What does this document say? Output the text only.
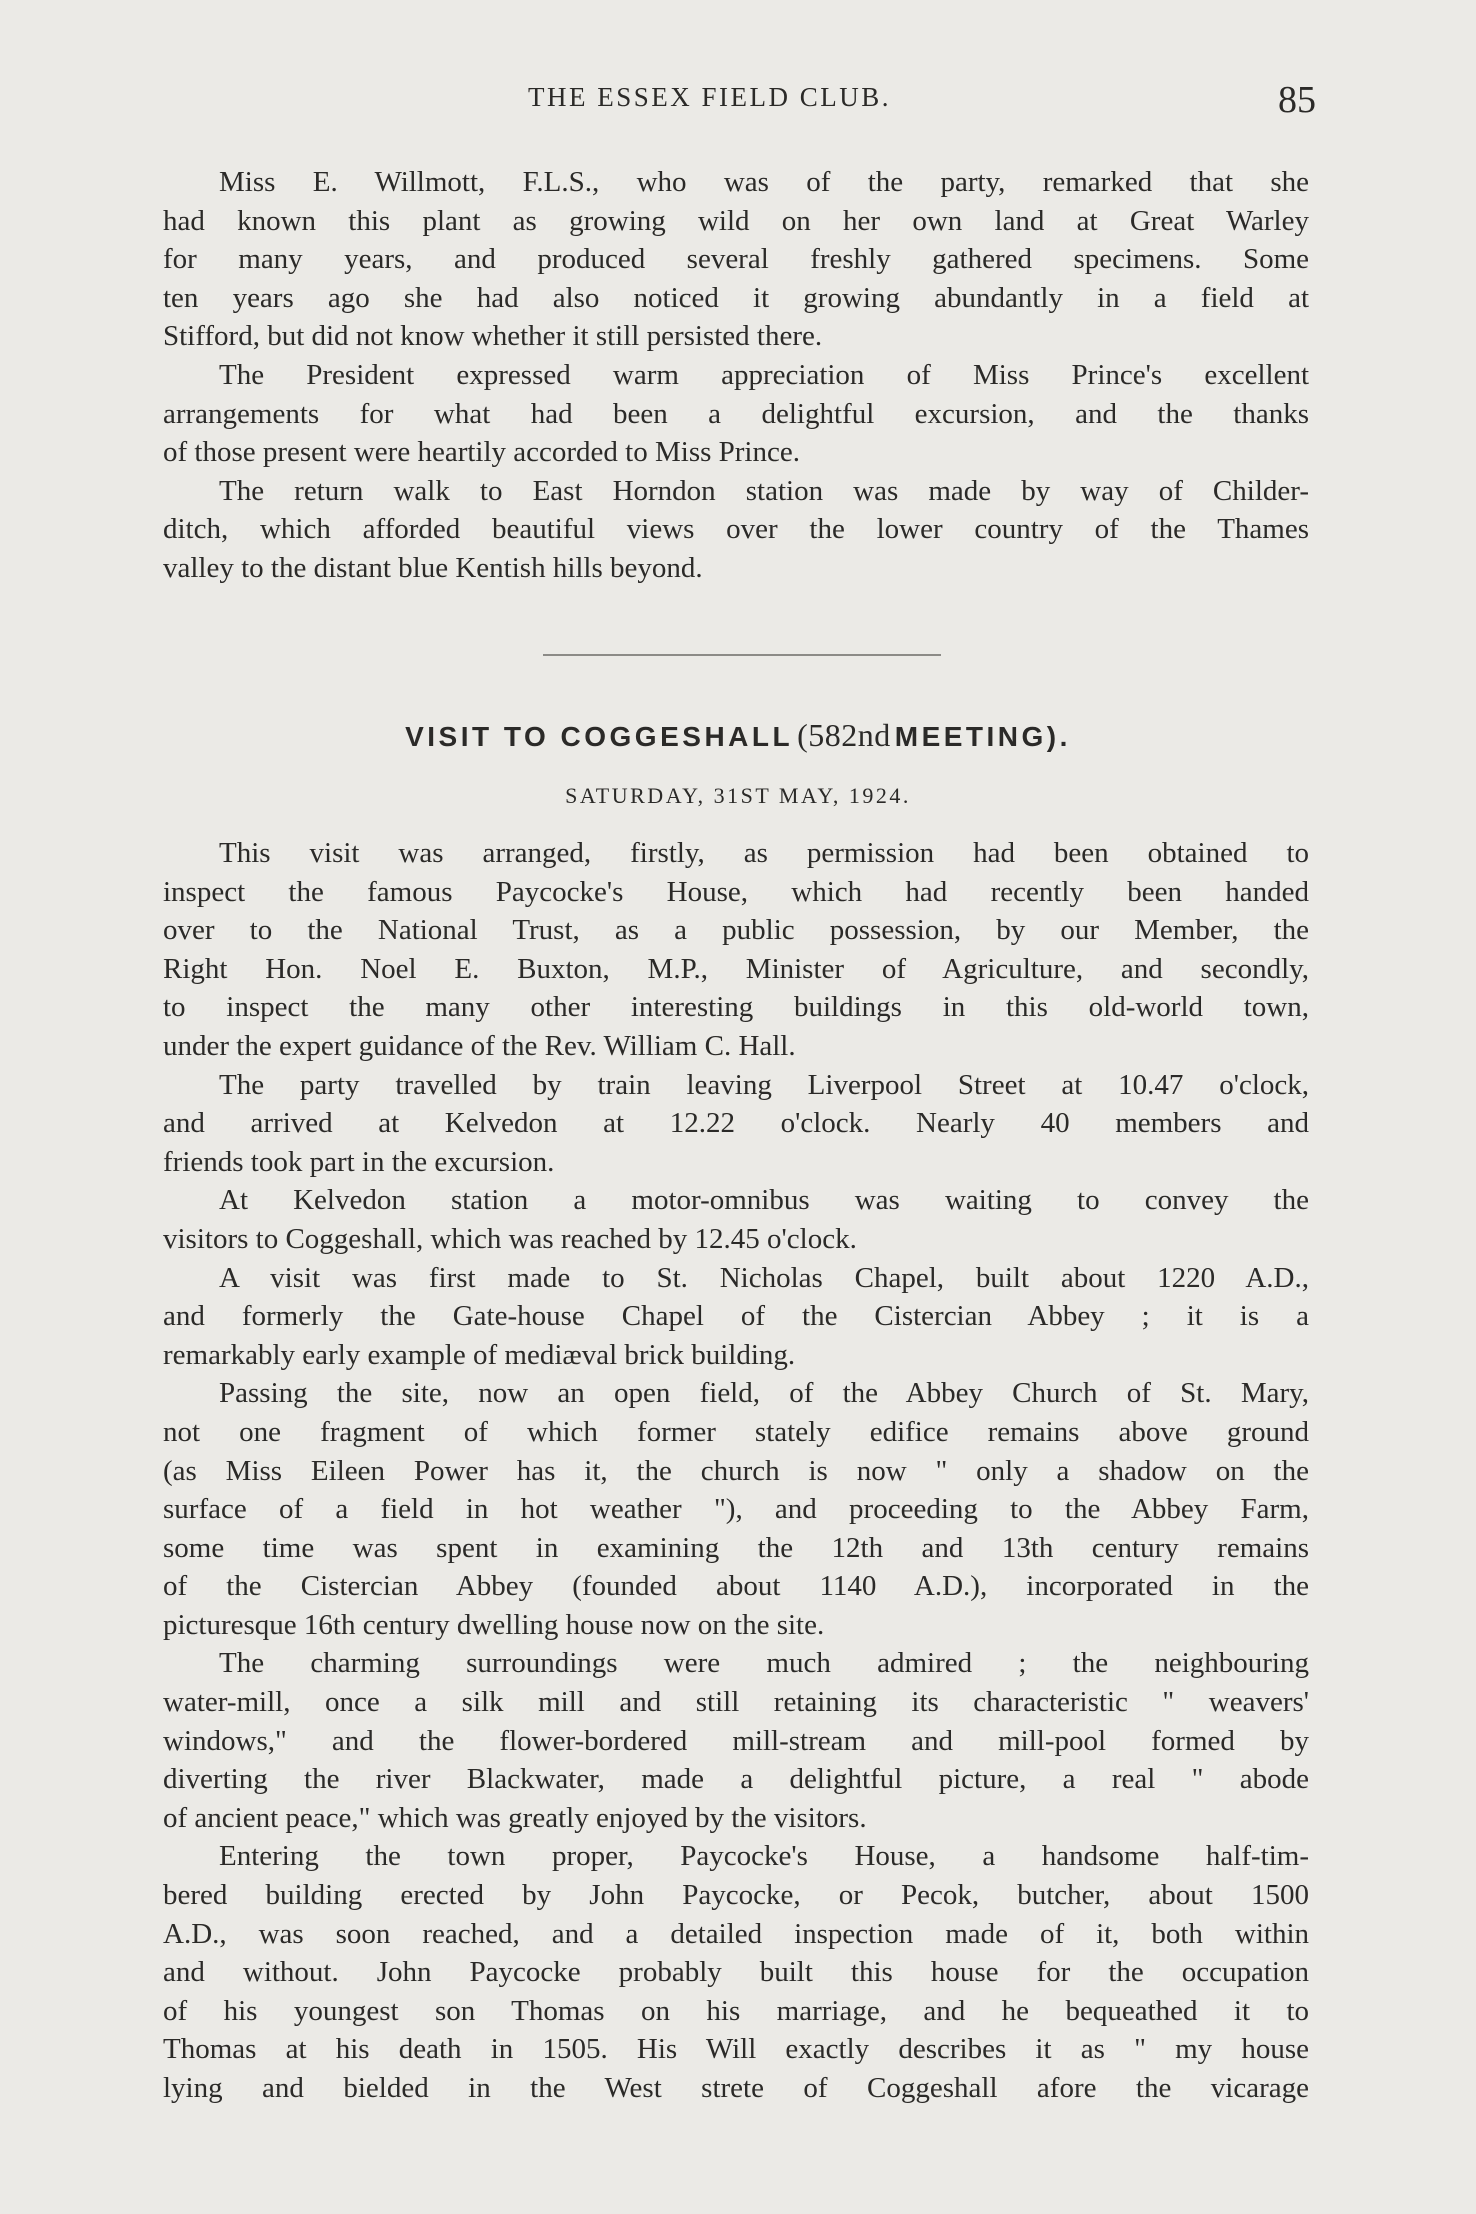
THE ESSEX FIELD CLUB.	85
Miss E. Willmott, F.L.S., who was of the party, remarked that she
had known this plant as growing wild on her own land at Great Warley
for many years, and produced several freshly gathered specimens. Some
ten years ago she had also noticed it growing abundantly in a field at
Stifford, but did not know whether it still persisted there.
The President expressed warm appreciation of Miss Prince's excellent
arrangements for what had been a delightful excursion, and the thanks
of those present were heartily accorded to Miss Prince.
The return walk to East Horndon station was made by way of Childer-
ditch, which afforded beautiful views over the lower country of the Thames
valley to the distant blue Kentish hills beyond.
VISIT TO COGGESHALL (582nd MEETING).
SATURDAY, 31ST MAY, 1924.
This visit was arranged, firstly, as permission had been obtained to
inspect the famous Paycocke's House, which had recently been handed
over to the National Trust, as a public possession, by our Member, the
Right Hon. Noel E. Buxton, M.P., Minister of Agriculture, and secondly,
to inspect the many other interesting buildings in this old-world town,
under the expert guidance of the Rev. William C. Hall.
The party travelled by train leaving Liverpool Street at 10.47 o'clock,
and arrived at Kelvedon at 12.22 o'clock. Nearly 40 members and
friends took part in the excursion.
At Kelvedon station a motor-omnibus was waiting to convey the
visitors to Coggeshall, which was reached by 12.45 o'clock.
A visit was first made to St. Nicholas Chapel, built about 1220 A.D.,
and formerly the Gate-house Chapel of the Cistercian Abbey ; it is a
remarkably early example of mediæval brick building.
Passing the site, now an open field, of the Abbey Church of St. Mary,
not one fragment of which former stately edifice remains above ground
(as Miss Eileen Power has it, the church is now " only a shadow on the
surface of a field in hot weather "), and proceeding to the Abbey Farm,
some time was spent in examining the 12th and 13th century remains
of the Cistercian Abbey (founded about 1140 A.D.), incorporated in the
picturesque 16th century dwelling house now on the site.
The charming surroundings were much admired ; the neighbouring
water-mill, once a silk mill and still retaining its characteristic " weavers'
windows," and the flower-bordered mill-stream and mill-pool formed by
diverting the river Blackwater, made a delightful picture, a real " abode
of ancient peace," which was greatly enjoyed by the visitors.
Entering the town proper, Paycocke's House, a handsome half-tim-
bered building erected by John Paycocke, or Pecok, butcher, about 1500
A.D., was soon reached, and a detailed inspection made of it, both within
and without. John Paycocke probably built this house for the occupation
of his youngest son Thomas on his marriage, and he bequeathed it to
Thomas at his death in 1505. His Will exactly describes it as " my house
lying and bielded in the West strete of Coggeshall afore the vicarage
